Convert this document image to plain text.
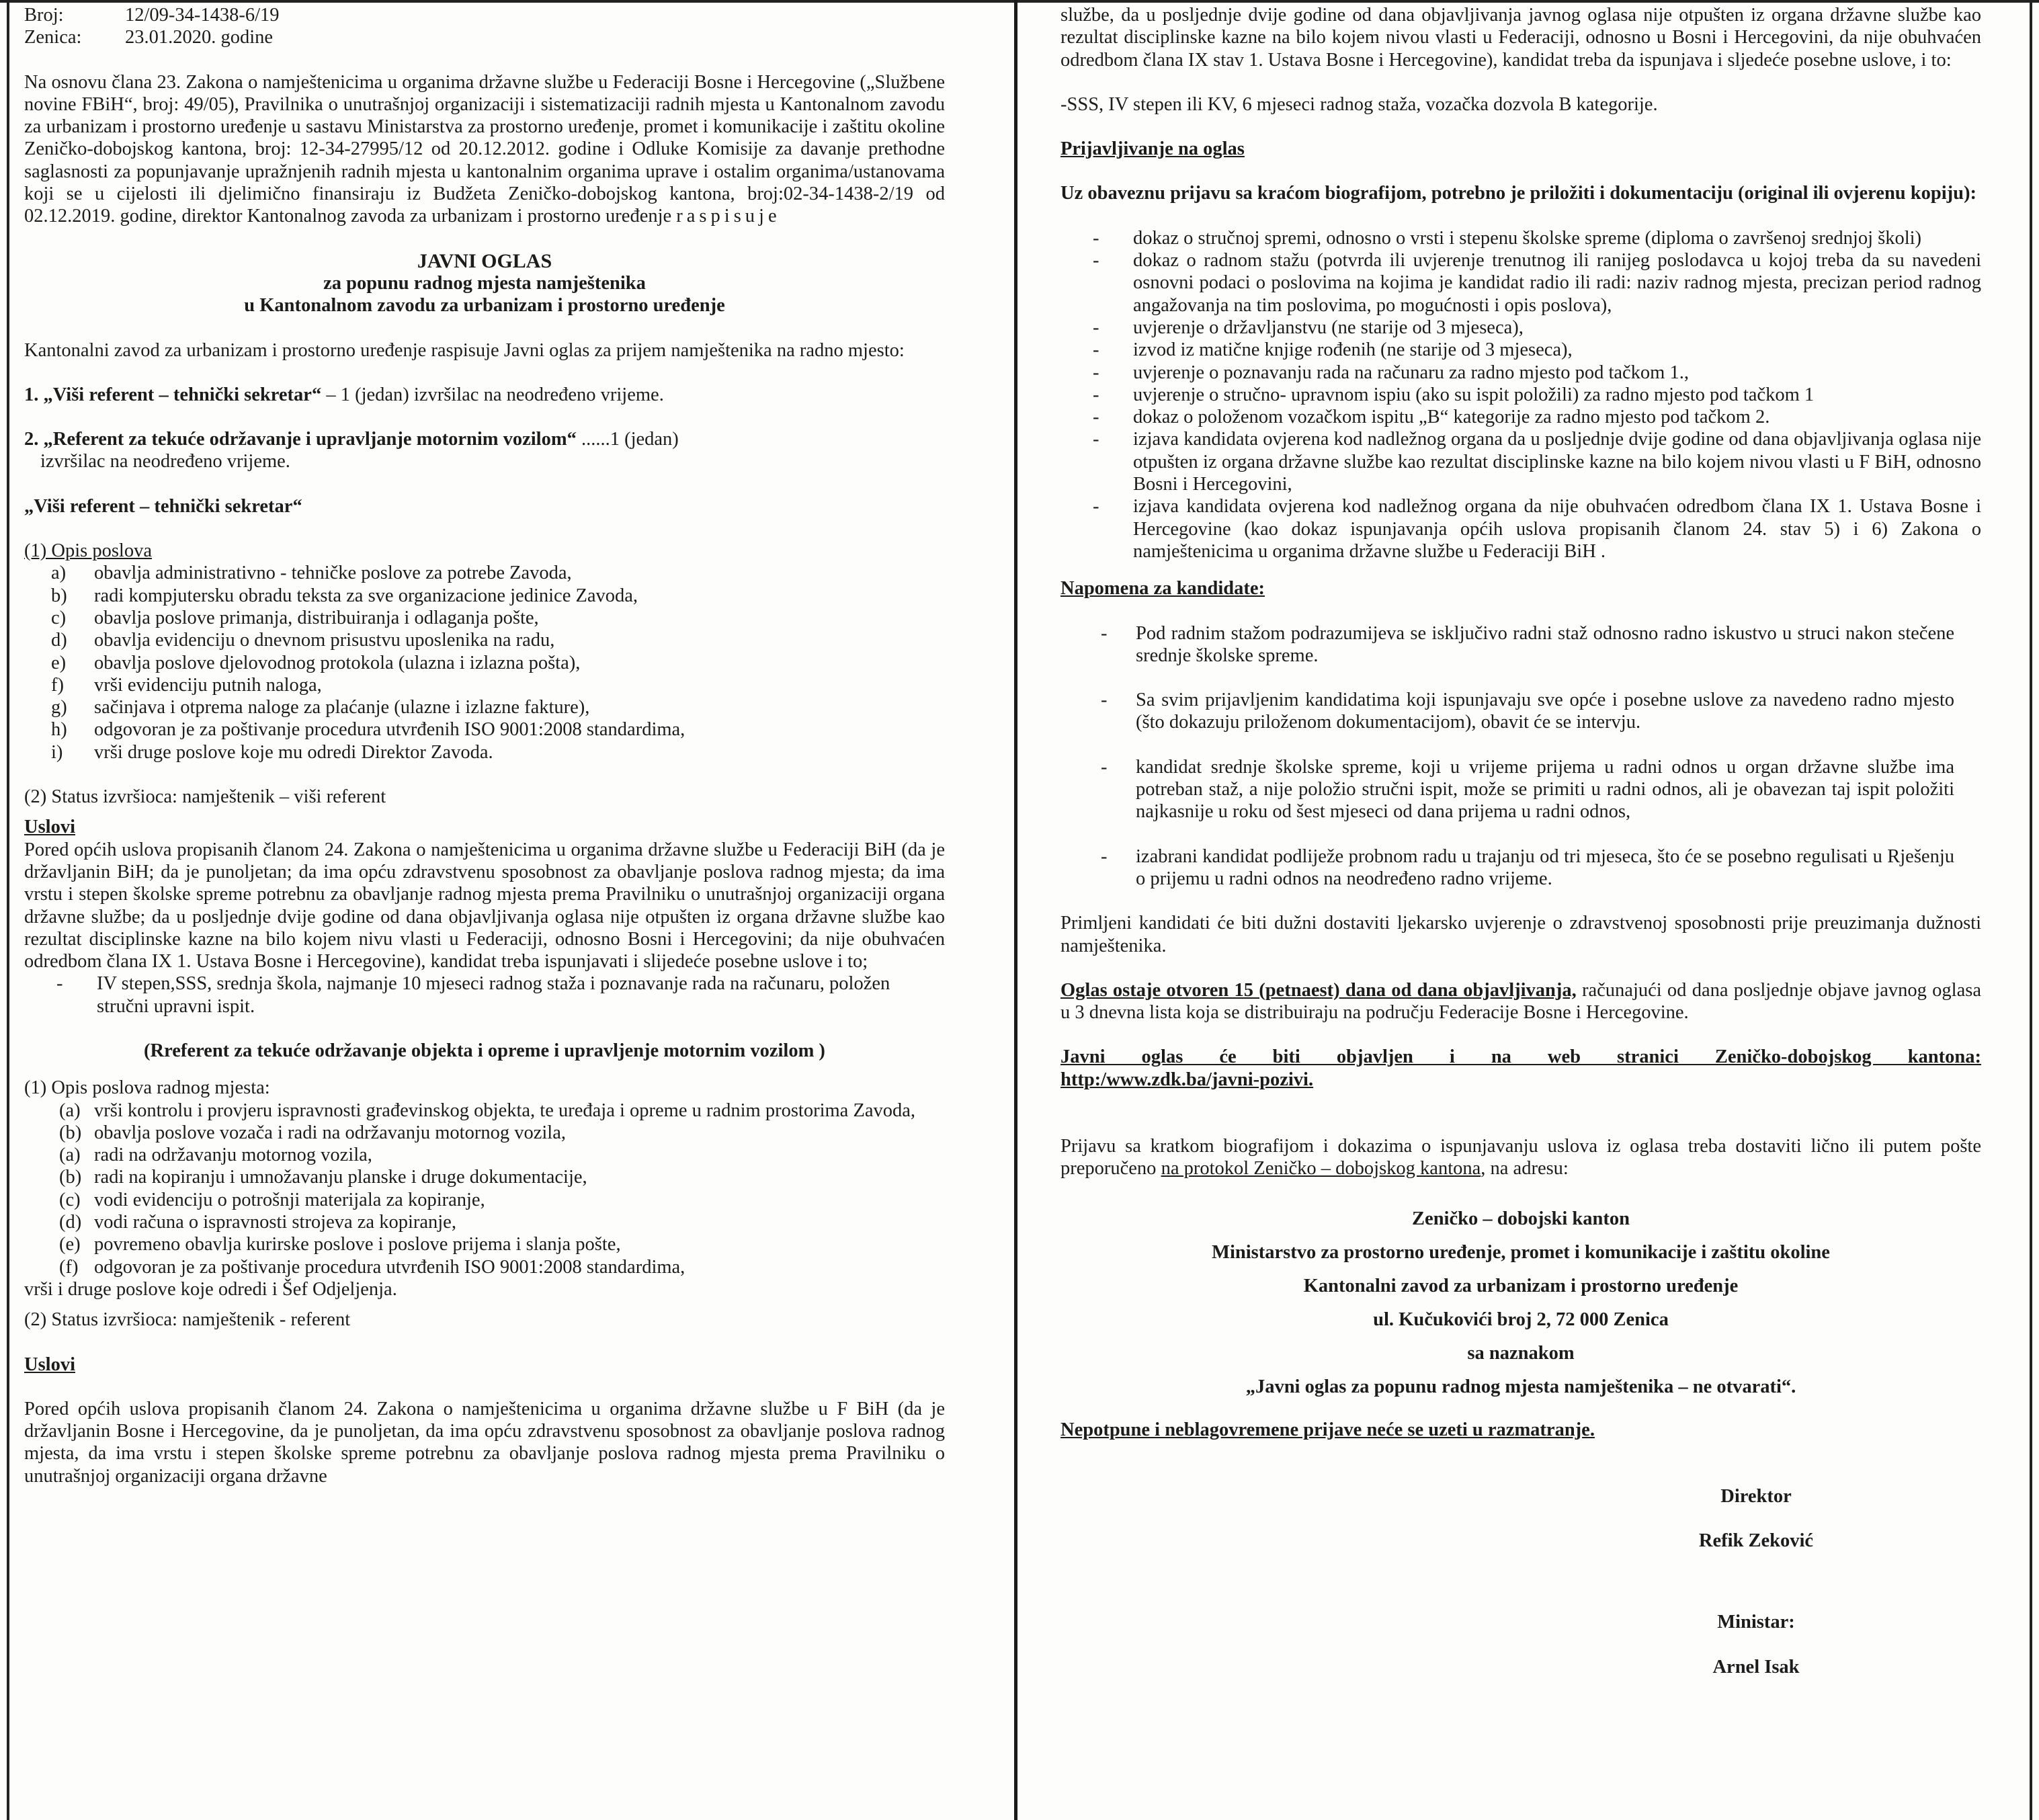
Broj:	12/09-34-1438-6/19
Zenica:	23.01.2020. godine

Na osnovu člana 23. Zakona o namještenicima u organima državne službe u Federaciji Bosne i Hercegovine („Službene novine FBiH“, broj: 49/05), Pravilnika o unutrašnjoj organizaciji i sistematizaciji radnih mjesta u Kantonalnom zavodu za urbanizam i prostorno uređenje u sastavu Ministarstva za prostorno uređenje, promet i komunikacije i zaštitu okoline Zeničko-dobojskog kantona, broj: 12-34-27995/12 od 20.12.2012. godine i Odluke Komisije za davanje prethodne saglasnosti za popunjavanje upražnjenih radnih mjesta u kantonalnim organima uprave i ostalim organima/ustanovama koji se u cijelosti ili djelimično finansiraju iz Budžeta Zeničko-dobojskog kantona, broj:02-34-1438-2/19 od 02.12.2019. godine, direktor Kantonalnog zavoda za urbanizam i prostorno uređenje raspisuje

JAVNI OGLAS

za popunu radnog mjesta namještenika

u Kantonalnom zavodu za urbanizam i prostorno uređenje

Kantonalni zavod za urbanizam i prostorno uređenje raspisuje Javni oglas za prijem namještenika na radno mjesto:

1. „Viši referent – tehnički sekretar“ – 1 (jedan) izvršilac na neodređeno vrijeme.

2. „Referent za tekuće održavanje i upravljanje motornim vozilom“ ......1 (jedan)

izvršilac na neodređeno vrijeme.

„Viši referent – tehnički sekretar“

(1) Opis poslova

a)	obavlja administrativno - tehničke poslove za potrebe Zavoda,
b)	radi kompjutersku obradu teksta za sve organizacione jedinice Zavoda,
c)	obavlja poslove primanja, distribuiranja i odlaganja pošte,
d)	obavlja evidenciju o dnevnom prisustvu uposlenika na radu,
e)	obavlja poslove djelovodnog protokola (ulazna i izlazna pošta),
f)	vrši evidenciju putnih naloga,
g)	sačinjava i otprema naloge za plaćanje (ulazne i izlazne fakture),
h)	odgovoran je za poštivanje procedura utvrđenih ISO 9001:2008 standardima,
i)	vrši druge poslove koje mu odredi Direktor Zavoda.

(2) Status izvršioca: namještenik – viši referent

Uslovi

Pored općih uslova propisanih članom 24. Zakona o namještenicima u organima državne službe u Federaciji BiH (da je državljanin BiH; da je punoljetan; da ima opću zdravstvenu sposobnost za obavljanje poslova radnog mjesta; da ima vrstu i stepen školske spreme potrebnu za obavljanje radnog mjesta prema Pravilniku o unutrašnjoj organizaciji organa državne službe; da u posljednje dvije godine od dana objavljivanja oglasa nije otpušten iz organa državne službe kao rezultat disciplinske kazne na bilo kojem nivu vlasti u Federaciji, odnosno Bosni i Hercegovini; da nije obuhvaćen odredbom člana IX 1. Ustava Bosne i Hercegovine), kandidat treba ispunjavati i slijedeće posebne uslove i to;

-	IV stepen,SSS, srednja škola, najmanje 10 mjeseci radnog staža i poznavanje rada na računaru, položen stručni upravni ispit.

(Rreferent za tekuće održavanje objekta i opreme i upravljenje motornim vozilom )

(1) Opis poslova radnog mjesta:

(a) vrši kontrolu i provjeru ispravnosti građevinskog objekta, te uređaja i opreme u radnim prostorima Zavoda,
(b) obavlja poslove vozača i radi na održavanju motornog vozila,
(a) radi na održavanju motornog vozila,
(b) radi na kopiranju i umnožavanju planske i druge dokumentacije,
(c) vodi evidenciju o potrošnji materijala za kopiranje,
(d) vodi računa o ispravnosti strojeva za kopiranje,
(e) povremeno obavlja kurirske poslove i poslove prijema i slanja pošte,
(f) odgovoran je za poštivanje procedura utvrđenih ISO 9001:2008 standardima,

vrši i druge poslove koje odredi i Šef Odjeljenja.

(2) Status izvršioca: namještenik - referent

Uslovi

Pored općih uslova propisanih članom 24. Zakona o namještenicima u organima državne službe u F BiH (da je državljanin Bosne i Hercegovine, da je punoljetan, da ima opću zdravstvenu sposobnost za obavljanje poslova radnog mjesta, da ima vrstu i stepen školske spreme potrebnu za obavljanje poslova radnog mjesta prema Pravilniku o unutrašnjoj organizaciji organa državne

službe, da u posljednje dvije godine od dana objavljivanja javnog oglasa nije otpušten iz organa državne službe kao rezultat disciplinske kazne na bilo kojem nivou vlasti u Federaciji, odnosno u Bosni i Hercegovini, da nije obuhvaćen odredbom člana IX stav 1. Ustava Bosne i Hercegovine), kandidat treba da ispunjava i sljedeće posebne uslove, i to:

-SSS, IV stepen ili KV, 6 mjeseci radnog staža, vozačka dozvola B kategorije.

Prijavljivanje na oglas

Uz obaveznu prijavu sa kraćom biografijom, potrebno je priložiti i dokumentaciju (original ili ovjerenu kopiju):

-	dokaz o stručnoj spremi, odnosno o vrsti i stepenu školske spreme (diploma o završenoj srednjoj školi)
-	dokaz o radnom stažu (potvrda ili uvjerenje trenutnog ili ranijeg poslodavca u kojoj treba da su navedeni osnovni podaci o poslovima na kojima je kandidat radio ili radi: naziv radnog mjesta, precizan period radnog angažovanja na tim poslovima, po mogućnosti i opis poslova),
-	uvjerenje o državljanstvu (ne starije od 3 mjeseca),
-	izvod iz matične knjige rođenih (ne starije od 3 mjeseca),
-	uvjerenje o poznavanju rada na računaru za radno mjesto pod tačkom 1.,
-	uvjerenje o stručno- upravnom ispiu (ako su ispit položili) za radno mjesto pod tačkom 1
-	dokaz o položenom vozačkom ispitu „B“ kategorije za radno mjesto pod tačkom 2.
-	izjava kandidata ovjerena kod nadležnog organa da u posljednje dvije godine od dana objavljivanja oglasa nije otpušten iz organa državne službe kao rezultat disciplinske kazne na bilo kojem nivou vlasti u F BiH, odnosno Bosni i Hercegovini,
-	izjava kandidata ovjerena kod nadležnog organa da nije obuhvaćen odredbom člana IX 1. Ustava Bosne i Hercegovine (kao dokaz ispunjavanja općih uslova propisanih članom 24. stav 5) i 6) Zakona o namještenicima u organima državne službe u Federaciji BiH .

Napomena za kandidate:

-	Pod radnim stažom podrazumijeva se isključivo radni staž odnosno radno iskustvo u struci nakon stečene srednje školske spreme.
-	Sa svim prijavljenim kandidatima koji ispunjavaju sve opće i posebne uslove za navedeno radno mjesto (što dokazuju priloženom dokumentacijom), obavit će se intervju.
-	kandidat srednje školske spreme, koji u vrijeme prijema u radni odnos u organ državne službe ima potreban staž, a nije položio stručni ispit, može se primiti u radni odnos, ali je obavezan taj ispit položiti najkasnije u roku od šest mjeseci od dana prijema u radni odnos,
-	izabrani kandidat podliježe probnom radu u trajanju od tri mjeseca, što će se posebno regulisati u Rješenju o prijemu u radni odnos na neodređeno radno vrijeme.

Primljeni kandidati će biti dužni dostaviti ljekarsko uvjerenje o zdravstvenoj sposobnosti prije preuzimanja dužnosti namještenika.

Oglas ostaje otvoren 15 (petnaest) dana od dana objavljivanja, računajući od dana posljednje objave javnog oglasa u 3 dnevna lista koja se distribuiraju na području Federacije Bosne i Hercegovine.

Javni oglas će biti objavljen i na web stranici Zeničko-dobojskog kantona:

http:/www.zdk.ba/javni-pozivi.

Prijavu sa kratkom biografijom i dokazima o ispunjavanju uslova iz oglasa treba dostaviti lično ili putem pošte preporučeno na protokol Zeničko – dobojskog kantona, na adresu:

Zeničko – dobojski kanton

Ministarstvo za prostorno uređenje, promet i komunikacije i zaštitu okoline

Kantonalni zavod za urbanizam i prostorno uređenje

ul. Kučukovići broj 2, 72 000 Zenica

sa naznakom

„Javni oglas za popunu radnog mjesta namještenika – ne otvarati“.

Nepotpune i neblagovremene prijave neće se uzeti u razmatranje.

Direktor

Refik Zeković

Ministar:

Arnel Isak
